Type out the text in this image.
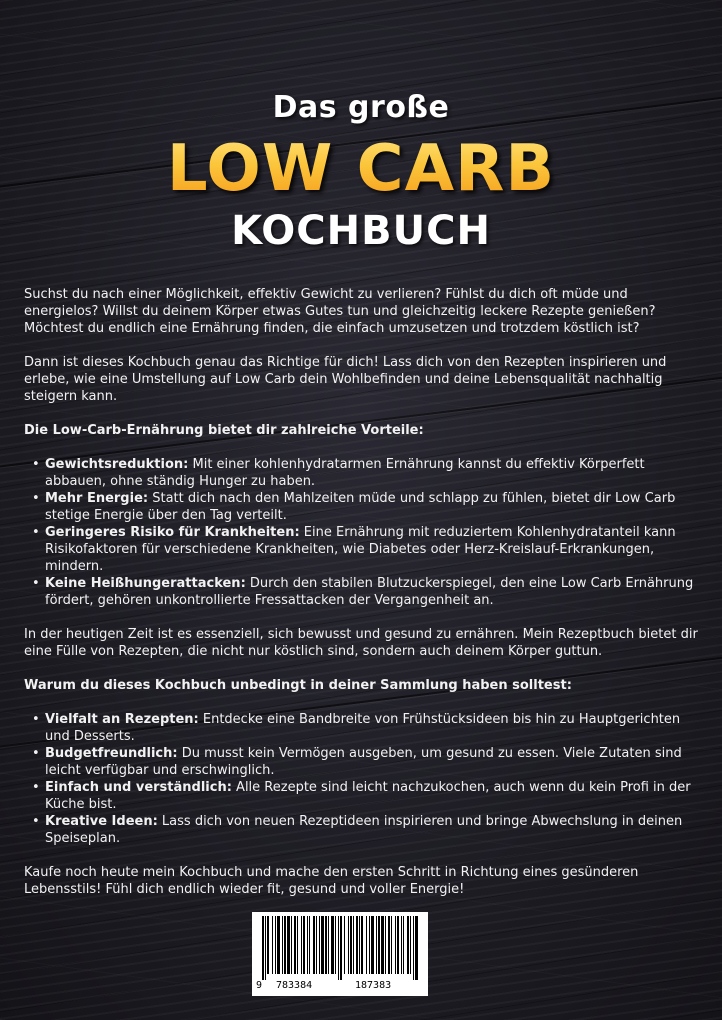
Das große
LOW CARB
KOCHBUCH

Suchst du nach einer Möglichkeit, effektiv Gewicht zu verlieren? Fühlst du dich oft müde und energielos? Willst du deinem Körper etwas Gutes tun und gleichzeitig leckere Rezepte genießen? Möchtest du endlich eine Ernährung finden, die einfach umzusetzen und trotzdem köstlich ist?

Dann ist dieses Kochbuch genau das Richtige für dich! Lass dich von den Rezepten inspirieren und erlebe, wie eine Umstellung auf Low Carb dein Wohlbefinden und deine Lebensqualität nachhaltig steigern kann.

Die Low-Carb-Ernährung bietet dir zahlreiche Vorteile:

• Gewichtsreduktion: Mit einer kohlenhydratarmen Ernährung kannst du effektiv Körperfett abbauen, ohne ständig Hunger zu haben.
• Mehr Energie: Statt dich nach den Mahlzeiten müde und schlapp zu fühlen, bietet dir Low Carb stetige Energie über den Tag verteilt.
• Geringeres Risiko für Krankheiten: Eine Ernährung mit reduziertem Kohlenhydratanteil kann Risikofaktoren für verschiedene Krankheiten, wie Diabetes oder Herz-Kreislauf-Erkrankungen, mindern.
• Keine Heißhungerattacken: Durch den stabilen Blutzuckerspiegel, den eine Low Carb Ernährung fördert, gehören unkontrollierte Fressattacken der Vergangenheit an.

In der heutigen Zeit ist es essenziell, sich bewusst und gesund zu ernähren. Mein Rezeptbuch bietet dir eine Fülle von Rezepten, die nicht nur köstlich sind, sondern auch deinem Körper guttun.

Warum du dieses Kochbuch unbedingt in deiner Sammlung haben solltest:

• Vielfalt an Rezepten: Entdecke eine Bandbreite von Frühstücksideen bis hin zu Hauptgerichten und Desserts.
• Budgetfreundlich: Du musst kein Vermögen ausgeben, um gesund zu essen. Viele Zutaten sind leicht verfügbar und erschwinglich.
• Einfach und verständlich: Alle Rezepte sind leicht nachzukochen, auch wenn du kein Profi in der Küche bist.
• Kreative Ideen: Lass dich von neuen Rezeptideen inspirieren und bringe Abwechslung in deinen Speiseplan.

Kaufe noch heute mein Kochbuch und mache den ersten Schritt in Richtung eines gesünderen Lebensstils! Fühl dich endlich wieder fit, gesund und voller Energie!

9 783384	187383
